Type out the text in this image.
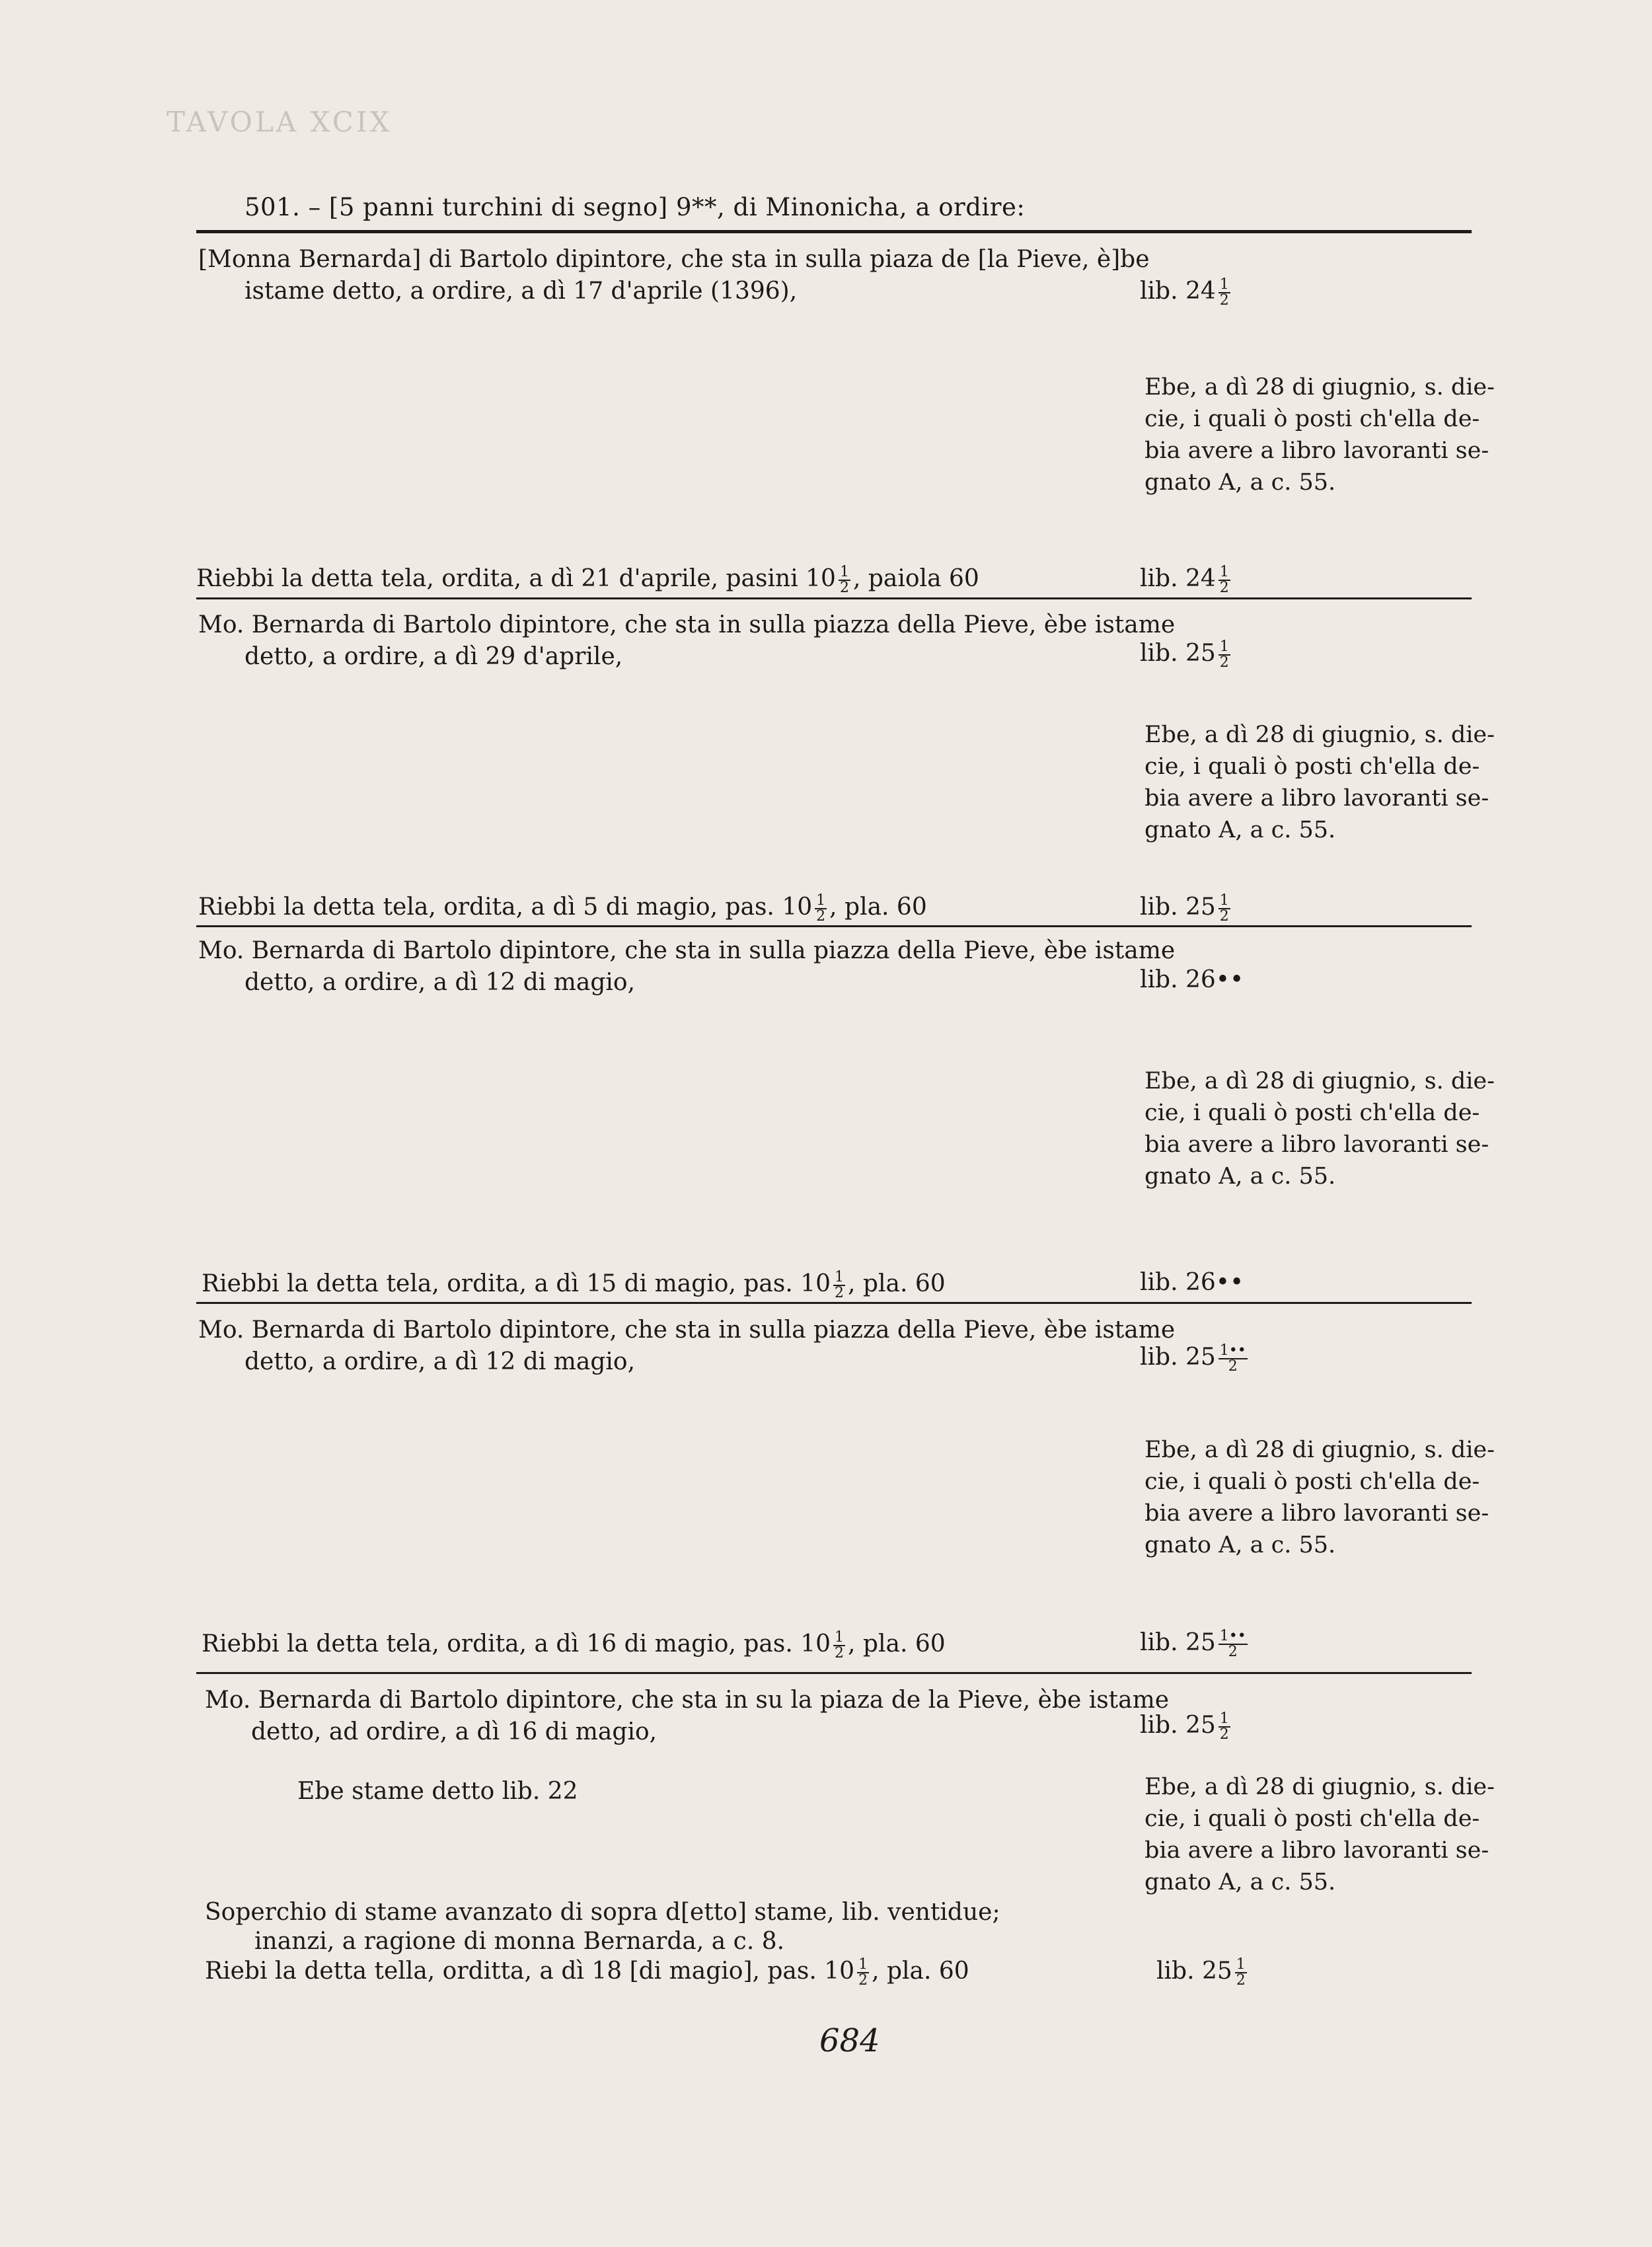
TAVOLA XCIX
501. – [5 panni turchini di segno] 9**, di Minonicha, a ordire:
[Monna Bernarda] di Bartolo dipintore, che sta in sulla piaza de [la Pieve, è]be
istame detto, a ordire, a dì 17 d'aprile (1396),	lib. $24 \frac{1}{2}$
Ebe, a dì 28 di giugnio, s. die-
cie, i quali ò posti ch'ella de-
bia avere a libro lavoranti se-
gnato A, a c. 55.
Riebbi la detta tela, ordita, a dì 21 d'aprile, pasini $10 \frac{1}{2}$ , paiola 60	lib. $24 \frac{1}{2}$
Mo. Bernarda di Bartolo dipintore, che sta in sulla piazza della Pieve, èbe istame
detto, a ordire, a dì 29 d'aprile,	lib. $25 \frac{1}{2}$
Ebe, a dì 28 di giugnio, s. die-
cie, i quali ò posti ch'ella de-
bia avere a libro lavoranti se-
gnato A, a c. 55.
Riebbi la detta tela, ordita, a dì 5 di magio, pas. $10 \frac{1}{2}$ , pla. 60	lib. $25 \frac{1}{2}$
Mo. Bernarda di Bartolo dipintore, che sta in sulla piazza della Pieve, èbe istame
detto, a ordire, a dì 12 di magio,	lib. 26••
Ebe, a dì 28 di giugnio, s. die-
cie, i quali ò posti ch'ella de-
bia avere a libro lavoranti se-
gnato A, a c. 55.
Riebbi la detta tela, ordita, a dì 15 di magio, pas. $10 \frac{1}{2}$ , pla. 60	lib. 26••
Mo. Bernarda di Bartolo dipintore, che sta in sulla piazza della Pieve, èbe istame
detto, a ordire, a dì 12 di magio,	lib. $25 \frac{1••}{2}$
Ebe, a dì 28 di giugnio, s. die-
cie, i quali ò posti ch'ella de-
bia avere a libro lavoranti se-
gnato A, a c. 55.
Riebbi la detta tela, ordita, a dì 16 di magio, pas. $10 \frac{1}{2}$ , pla. 60	lib. $25 \frac{1••}{2}$
Mo. Bernarda di Bartolo dipintore, che sta in su la piaza de la Pieve, èbe istame
detto, ad ordire, a dì 16 di magio,	lib. $25 \frac{1}{2}$
Ebe stame detto lib. 22	Ebe, a dì 28 di giugnio, s. die-
cie, i quali ò posti ch'ella de-
bia avere a libro lavoranti se-
gnato A, a c. 55.
Soperchio di stame avanzato di sopra d[etto] stame, lib. ventidue;
inanzi, a ragione di monna Bernarda, a c. 8.
Riebi la detta tella, orditta, a dì 18 [di magio], pas. $10 \frac{1}{2}$ , pla. 60	lib. $25 \frac{1}{2}$
684
